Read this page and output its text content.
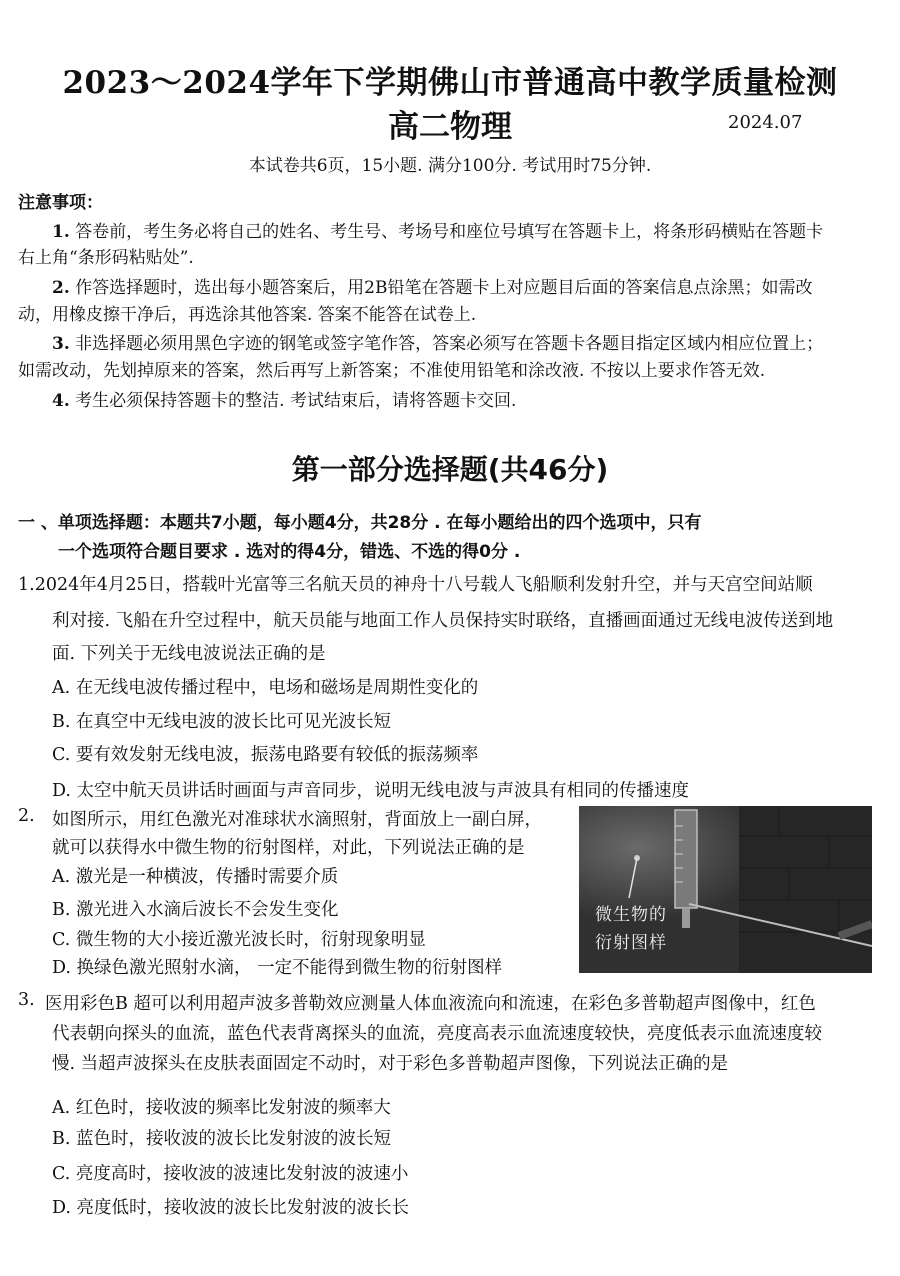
2023～2024学年下学期佛山市普通高中教学质量检测
高二物理	2024.07
本试卷共6页，15小题. 满分100分. 考试用时75分钟.
注意事项：
1. 答卷前，考生务必将自己的姓名、考生号、考场号和座位号填写在答题卡上，将条形码横贴在答题卡
右上角“条形码粘贴处”.
2. 作答选择题时，选出每小题答案后，用2B铅笔在答题卡上对应题目后面的答案信息点涂黑；如需改
动，用橡皮擦干净后，再选涂其他答案. 答案不能答在试卷上.
3. 非选择题必须用黑色字迹的钢笔或签字笔作答，答案必须写在答题卡各题目指定区域内相应位置上；
如需改动，先划掉原来的答案，然后再写上新答案；不准使用铅笔和涂改液. 不按以上要求作答无效.
4. 考生必须保持答题卡的整洁. 考试结束后，请将答题卡交回.
第一部分选择题(共46分)
一 、单项选择题：本题共7小题，每小题4分，共28分 . 在每小题给出的四个选项中，只有
一个选项符合题目要求 . 选对的得4分，错选、不选的得0分 .
1.2024年4月25日，搭载叶光富等三名航天员的神舟十八号载人飞船顺利发射升空，并与天宫空间站顺
利对接. 飞船在升空过程中，航天员能与地面工作人员保持实时联络，直播画面通过无线电波传送到地
面. 下列关于无线电波说法正确的是
A. 在无线电波传播过程中，电场和磁场是周期性变化的
B. 在真空中无线电波的波长比可见光波长短
C. 要有效发射无线电波，振荡电路要有较低的振荡频率
D. 太空中航天员讲话时画面与声音同步，说明无线电波与声波具有相同的传播速度
2. 如图所示，用红色激光对准球状水滴照射，背面放上一副白屏，
就可以获得水中微生物的衍射图样，对此，下列说法正确的是
A. 激光是一种横波，传播时需要介质
B. 激光进入水滴后波长不会发生变化
C. 微生物的大小接近激光波长时，衍射现象明显
D. 换绿色激光照射水滴， 一定不能得到微生物的衍射图样
微生物的
衍射图样
3. 医用彩色B 超可以利用超声波多普勒效应测量人体血液流向和流速，在彩色多普勒超声图像中，红色
代表朝向探头的血流，蓝色代表背离探头的血流，亮度高表示血流速度较快，亮度低表示血流速度较
慢. 当超声波探头在皮肤表面固定不动时，对于彩色多普勒超声图像，下列说法正确的是
A. 红色时，接收波的频率比发射波的频率大
B. 蓝色时，接收波的波长比发射波的波长短
C. 亮度高时，接收波的波速比发射波的波速小
D. 亮度低时，接收波的波长比发射波的波长长
